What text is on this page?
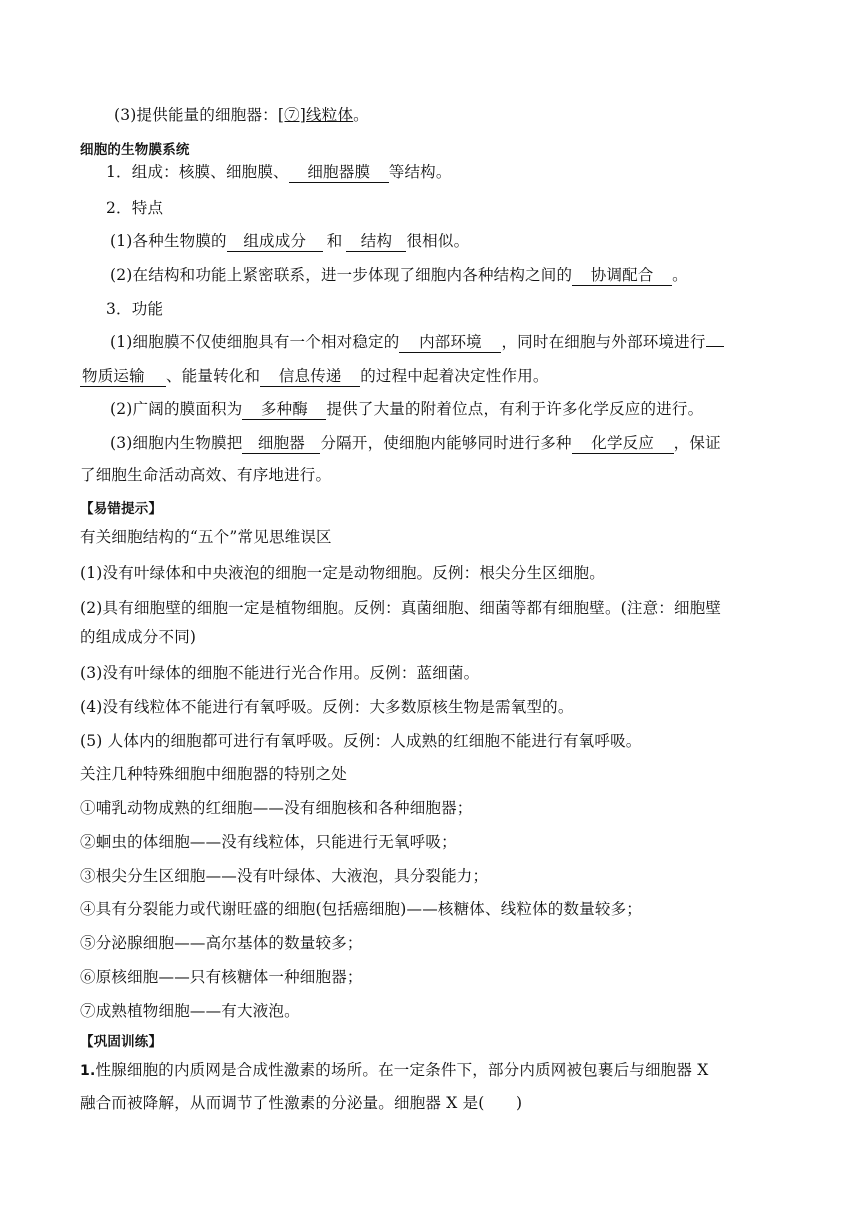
(3)提供能量的细胞器：[⑦]线粒体。
细胞的生物膜系统
1．组成：核膜、细胞膜、 细胞器膜 等结构。
2．特点
(1)各种生物膜的 组成成分 和 结构 很相似。
(2)在结构和功能上紧密联系，进一步体现了细胞内各种结构之间的 协调配合 。
3．功能
(1)细胞膜不仅使细胞具有一个相对稳定的 内部环境 ，同时在细胞与外部环境进行
物质运输 、能量转化和 信息传递 的过程中起着决定性作用。
(2)广阔的膜面积为 多种酶 提供了大量的附着位点，有利于许多化学反应的进行。
(3)细胞内生物膜把 细胞器 分隔开，使细胞内能够同时进行多种 化学反应 ，保证
了细胞生命活动高效、有序地进行。
【易错提示】
有关细胞结构的“五个”常见思维误区
(1)没有叶绿体和中央液泡的细胞一定是动物细胞。反例：根尖分生区细胞。
(2)具有细胞壁的细胞一定是植物细胞。反例：真菌细胞、细菌等都有细胞壁。(注意：细胞壁
的组成成分不同)
(3)没有叶绿体的细胞不能进行光合作用。反例：蓝细菌。
(4)没有线粒体不能进行有氧呼吸。反例：大多数原核生物是需氧型的。
(5) 人体内的细胞都可进行有氧呼吸。反例：人成熟的红细胞不能进行有氧呼吸。
关注几种特殊细胞中细胞器的特别之处
①哺乳动物成熟的红细胞——没有细胞核和各种细胞器；
②蛔虫的体细胞——没有线粒体，只能进行无氧呼吸；
③根尖分生区细胞——没有叶绿体、大液泡，具分裂能力；
④具有分裂能力或代谢旺盛的细胞(包括癌细胞)——核糖体、线粒体的数量较多；
⑤分泌腺细胞——高尔基体的数量较多；
⑥原核细胞——只有核糖体一种细胞器；
⑦成熟植物细胞——有大液泡。
【巩固训练】
1.性腺细胞的内质网是合成性激素的场所。在一定条件下，部分内质网被包裹后与细胞器 X
融合而被降解，从而调节了性激素的分泌量。细胞器 X 是(　　)
